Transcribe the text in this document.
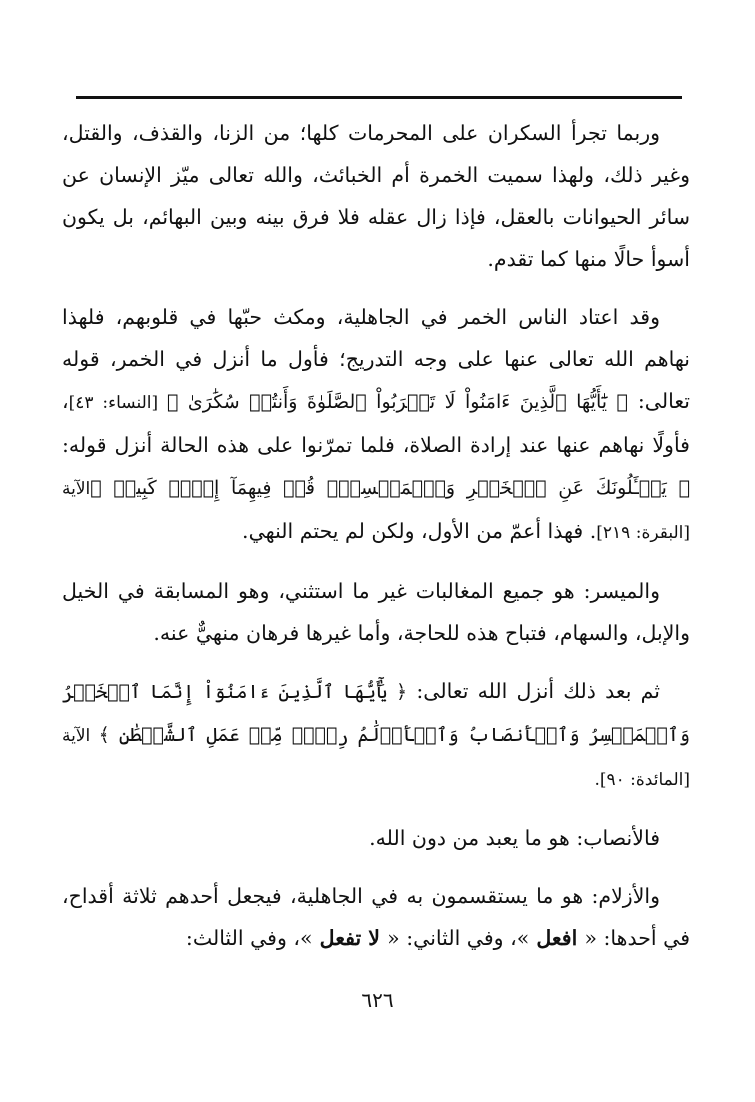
وربما تجرأ السكران على المحرمات كلها؛ من الزنا، والقذف، والقتل، وغير ذلك، ولهذا سميت الخمرة أم الخبائث، والله تعالى ميّز الإنسان عن سائر الحيوانات بالعقل، فإذا زال عقله فلا فرق بينه وبين البهائم، بل يكون أسوأ حالًا منها كما تقدم.

وقد اعتاد الناس الخمر في الجاهلية، ومكث حبّها في قلوبهم، فلهذا نهاهم الله تعالى عنها على وجه التدريج؛ فأول ما أنزل في الخمر، قوله تعالى: ﴿ يَٰٓأَيُّهَا ٱلَّذِينَ ءَامَنُواْ لَا تَقۡرَبُواْ ٱلصَّلَوٰةَ وَأَنتُمۡ سُكَٰرَىٰ ﴾ [النساء: ٤٣]، فأولًا نهاهم عنها عند إرادة الصلاة، فلما تمرّنوا على هذه الحالة أنزل قوله: ﴿ يَسۡـَٔلُونَكَ عَنِ ٱلۡخَمۡرِ وَٱلۡمَيۡسِرِۖ قُلۡ فِيهِمَآ إِثۡمٞ كَبِيرٞ ﴾الآية [البقرة: ٢١٩]. فهذا أعمّ من الأول، ولكن لم يحتم النهي.

والميسر: هو جميع المغالبات غير ما استثني، وهو المسابقة في الخيل والإبل، والسهام، فتباح هذه للحاجة، وأما غيرها فرهان منهيٌّ عنه.

ثم بعد ذلك أنزل الله تعالى: ﴿ يَٰٓأَيُّهَا ٱلَّذِينَ ءَامَنُوٓاْ إِنَّمَا ٱلۡخَمۡرُ وَٱلۡمَيۡسِرُ وَٱلۡأَنصَابُ وَٱلۡأَزۡلَٰمُ رِجۡسٞ مِّنۡ عَمَلِ ٱلشَّيۡطَٰنِ ﴾ الآية [المائدة: ٩٠].

فالأنصاب: هو ما يعبد من دون الله.

والأزلام: هو ما يستقسمون به في الجاهلية، فيجعل أحدهم ثلاثة أقداح، في أحدها: « افعل »، وفي الثاني: « لا تفعل »، وفي الثالث:

٦٢٦
